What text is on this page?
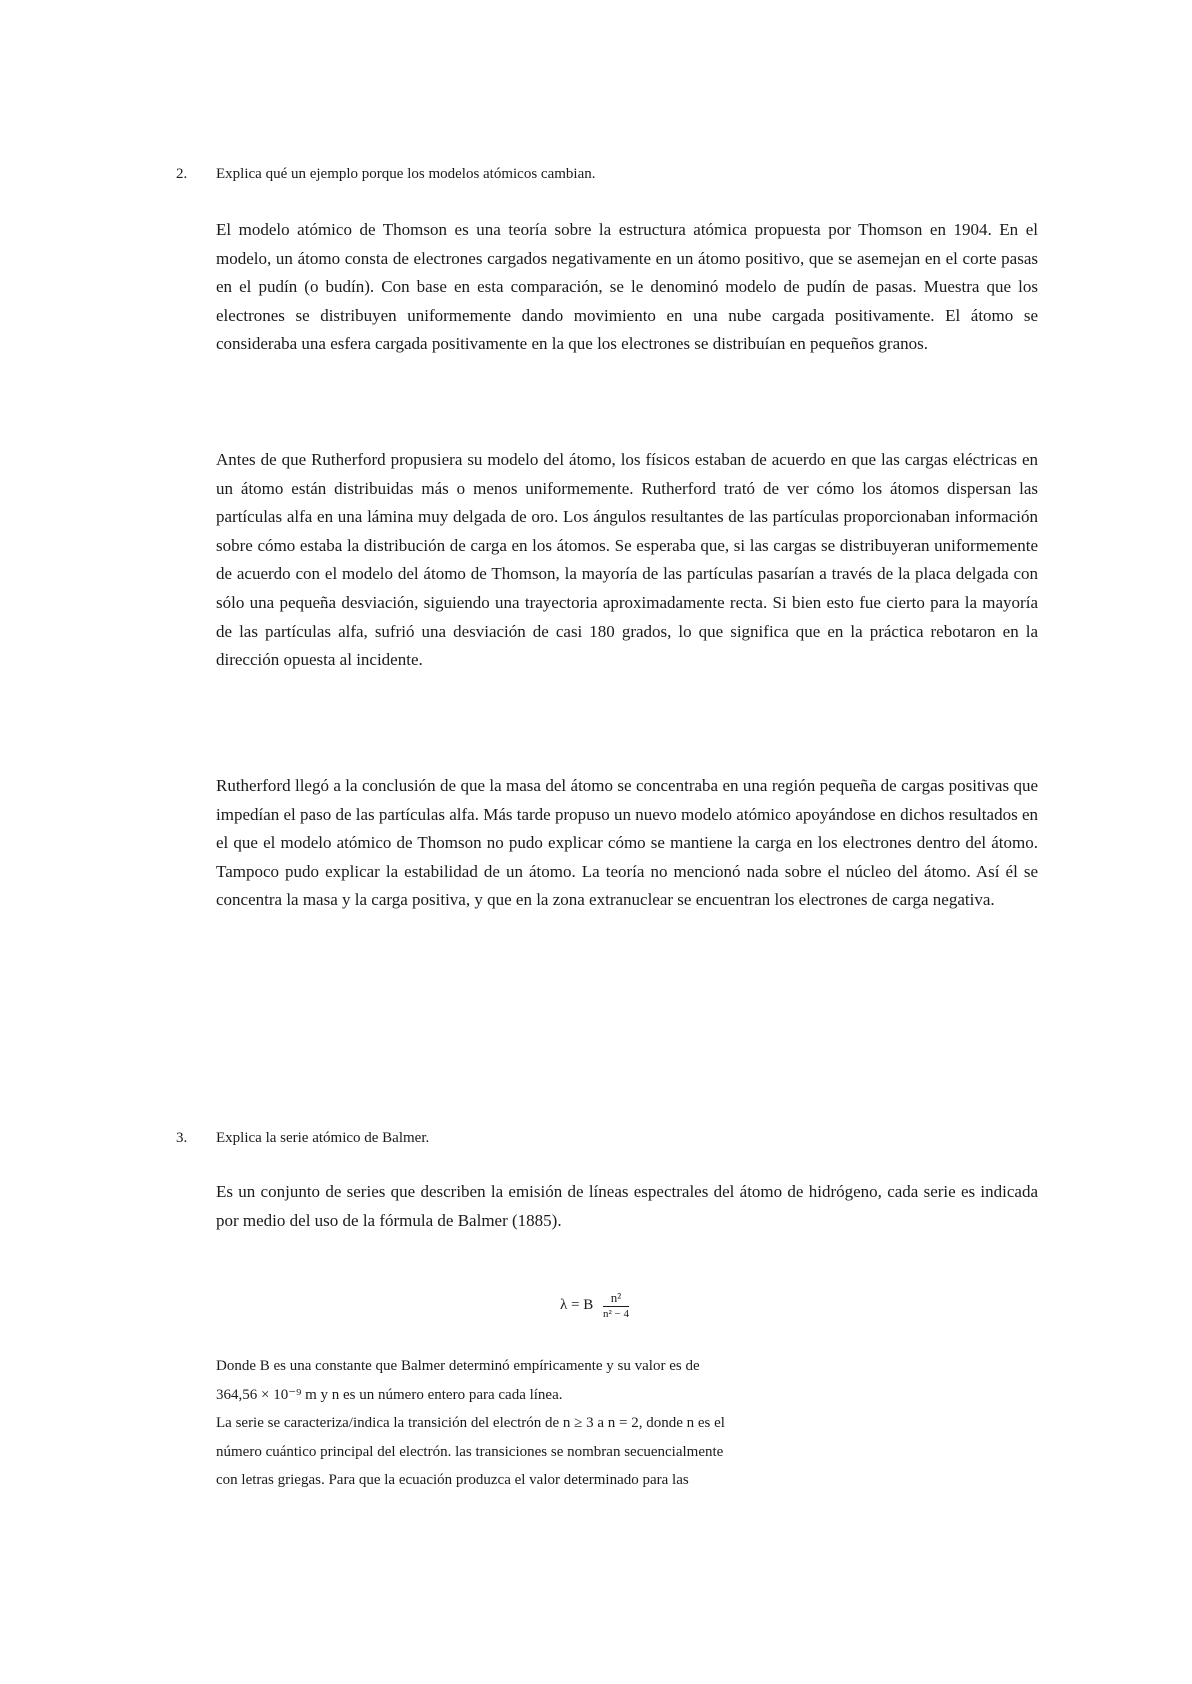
2. Explica qué un ejemplo porque los modelos atómicos cambian.

El modelo atómico de Thomson es una teoría sobre la estructura atómica propuesta por Thomson en 1904. En el modelo, un átomo consta de electrones cargados negativamente en un átomo positivo, que se asemejan en el corte pasas en el pudín (o budín). Con base en esta comparación, se le denominó modelo de pudín de pasas. Muestra que los electrones se distribuyen uniformemente dando movimiento en una nube cargada positivamente. El átomo se consideraba una esfera cargada positivamente en la que los electrones se distribuían en pequeños granos.

Antes de que Rutherford propusiera su modelo del átomo, los físicos estaban de acuerdo en que las cargas eléctricas en un átomo están distribuidas más o menos uniformemente. Rutherford trató de ver cómo los átomos dispersan las partículas alfa en una lámina muy delgada de oro. Los ángulos resultantes de las partículas proporcionaban información sobre cómo estaba la distribución de carga en los átomos. Se esperaba que, si las cargas se distribuyeran uniformemente de acuerdo con el modelo del átomo de Thomson, la mayoría de las partículas pasarían a través de la placa delgada con sólo una pequeña desviación, siguiendo una trayectoria aproximadamente recta. Si bien esto fue cierto para la mayoría de las partículas alfa, sufrió una desviación de casi 180 grados, lo que significa que en la práctica rebotaron en la dirección opuesta al incidente.

Rutherford llegó a la conclusión de que la masa del átomo se concentraba en una región pequeña de cargas positivas que impedían el paso de las partículas alfa. Más tarde propuso un nuevo modelo atómico apoyándose en dichos resultados en el que el modelo atómico de Thomson no pudo explicar cómo se mantiene la carga en los electrones dentro del átomo. Tampoco pudo explicar la estabilidad de un átomo. La teoría no mencionó nada sobre el núcleo del átomo. Así él se concentra la masa y la carga positiva, y que en la zona extranuclear se encuentran los electrones de carga negativa.

3. Explica la serie atómico de Balmer.

Es un conjunto de series que describen la emisión de líneas espectrales del átomo de hidrógeno, cada serie es indicada por medio del uso de la fórmula de Balmer (1885).

λ = B $\frac{\text{n²}}{\text{n² − 4}}$
Donde B es una constante que Balmer determinó empíricamente y su valor es de
364,56 × 10⁻⁹ m y n es un número entero para cada línea.
La serie se caracteriza/indica la transición del electrón de n ≥ 3 a n = 2, donde n es el
número cuántico principal del electrón. las transiciones se nombran secuencialmente
con letras griegas. Para que la ecuación produzca el valor determinado para las
